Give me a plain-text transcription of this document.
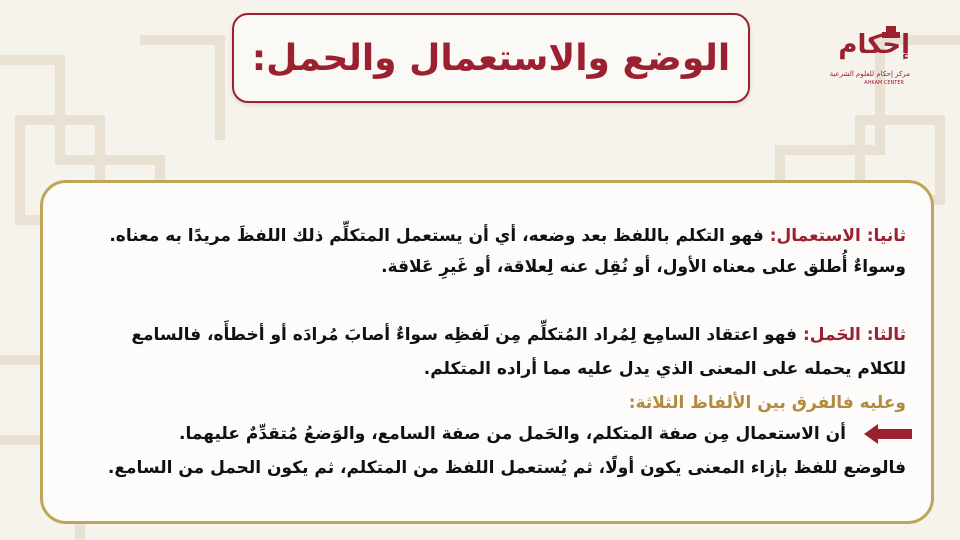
الوضع والاستعمال والحمل:	إحكام
مركز إحكام للعلوم الشرعية
AHKAM CENTER
ثانيا: الاستعمال: فهو التكلم باللفظ بعد وضعه، أي أن يستعمل المتكلِّم ذلك اللفظَ مريدًا به معناه.
وسواءٌ أُطلق على معناه الأول، أو نُقِل عنه لِعلاقة، أو غَيرِ عَلاقة.
ثالثا: الحَمل: فهو اعتقاد السامِع لِمُراد المُتكلِّم مِن لَفظِه سواءٌ أصابَ مُرادَه أو أخطأَه، فالسامع
للكلام يحمله على المعنى الذي يدل عليه مما أراده المتكلم.
وعليه فالفرق بين الألفاظ الثلاثة:
أن الاستعمال مِن صفة المتكلم، والحَمل من صفة السامع، والوَضعُ مُتقدِّمٌ عليهما.
فالوضع للفظ بإزاء المعنى يكون أولًا، ثم يُستعمل اللفظ من المتكلم، ثم يكون الحمل من السامع.
